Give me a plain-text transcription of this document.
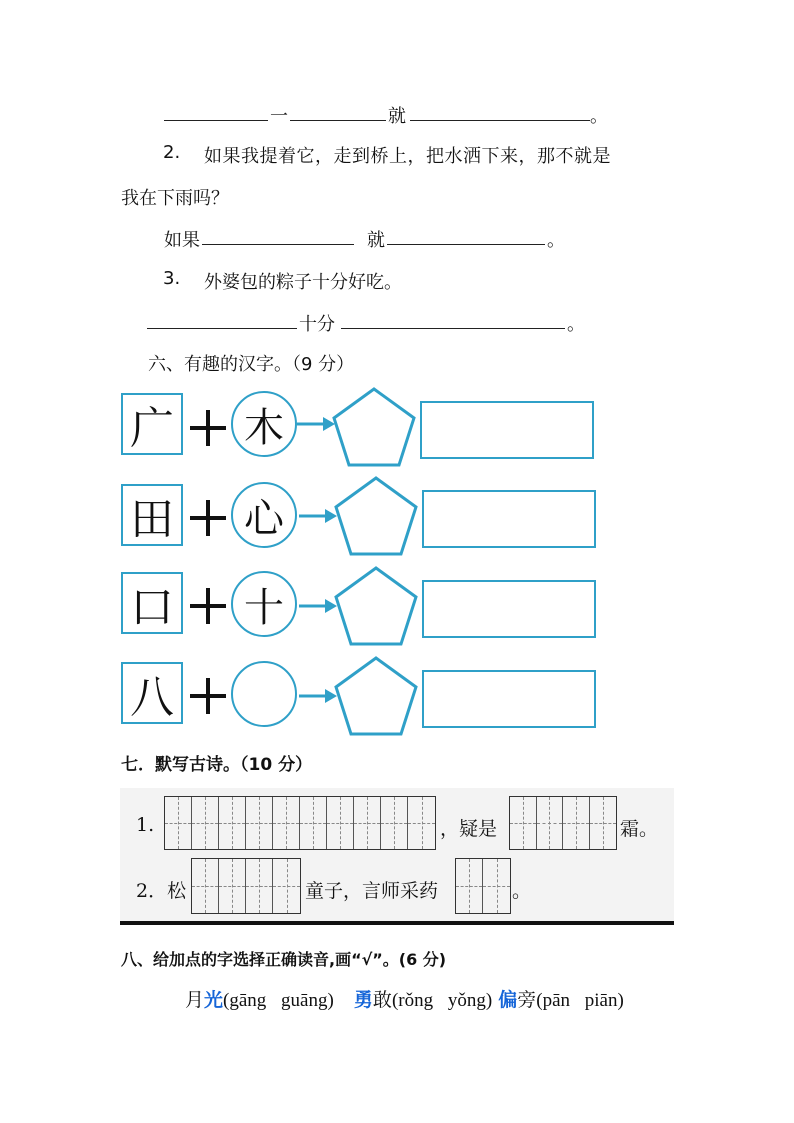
一	就	。
2. 如果我提着它，走到桥上，把水洒下来，那不就是
我在下雨吗？
如果	就	。
3. 外婆包的粽子十分好吃。
十分	。
六、有趣的汉字。（9 分）
广	木
田	心
口	十
八
七．默写古诗。（10 分）
1.	，疑是	霜。
2．松	童子，言师采药	。
八、给加点的字选择正确读音,画“√”。(6 分)
月光(gāng guāng) 勇敢(rǒng yǒng) 偏旁(pān piān)
